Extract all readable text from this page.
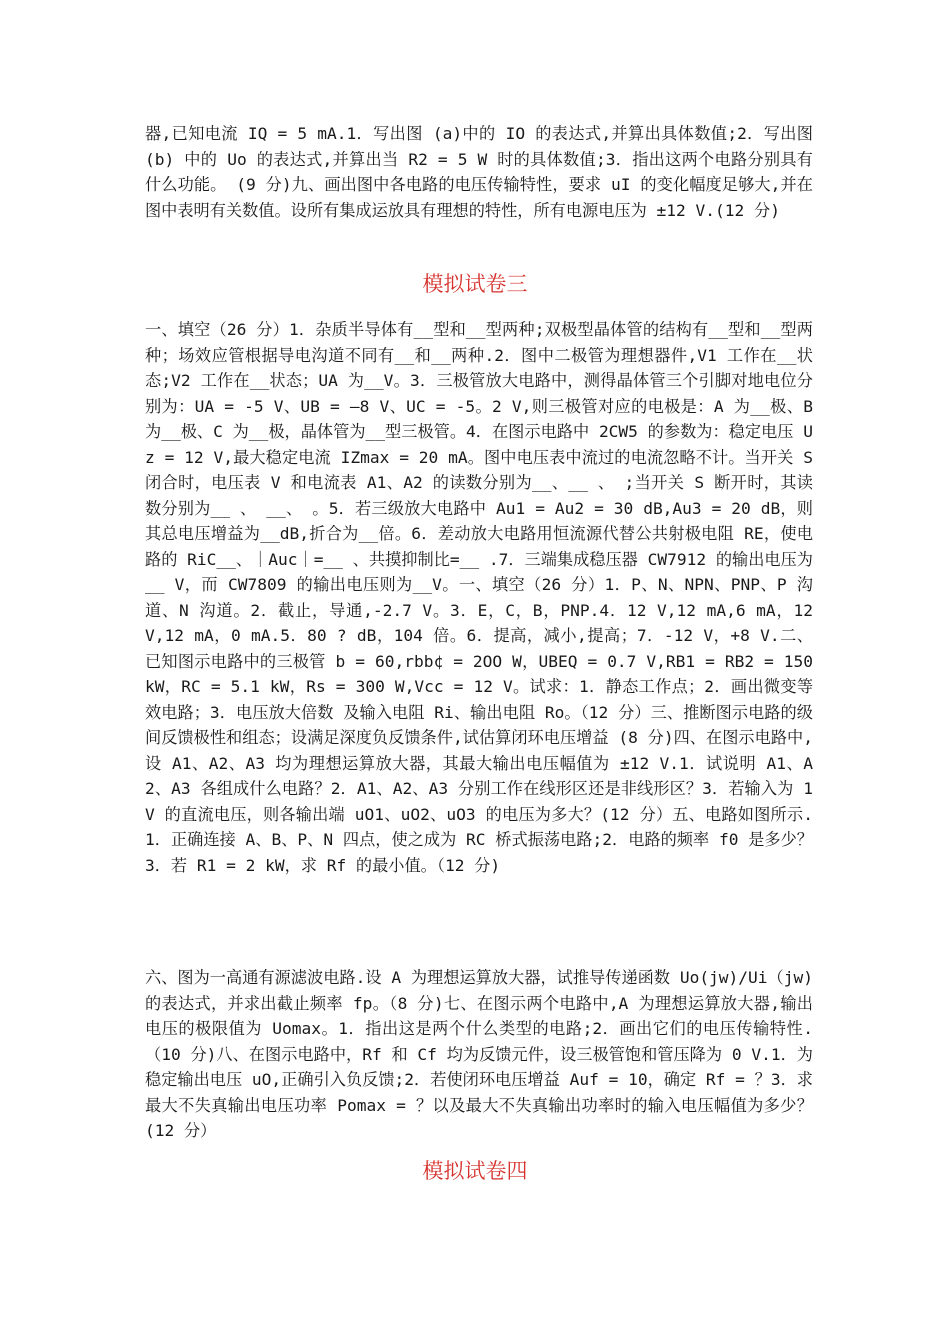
器,已知电流 IQ = 5 mA.1．写出图 (a)中的 IO 的表达式,并算出具体数值;2．写出图(b) 中的 Uo 的表达式,并算出当 R2 = 5 W 时的具体数值;3．指出这两个电路分别具有什么功能。 (9 分)九、画出图中各电路的电压传输特性，要求 uI 的变化幅度足够大,并在图中表明有关数值。设所有集成运放具有理想的特性，所有电源电压为 ±12 V.(12 分)

模拟试卷三

一、填空（26 分）1．杂质半导体有__型和__型两种;双极型晶体管的结构有__型和__型两种；场效应管根据导电沟道不同有__和__两种.2．图中二极管为理想器件,V1 工作在__状态;V2 工作在__状态；UA 为__V。3．三极管放大电路中，测得晶体管三个引脚对地电位分别为：UA = -5 V、UB = —8 V、UC = -5。2 V,则三极管对应的电极是：A 为__极、B 为__极、C 为__极，晶体管为__型三极管。4．在图示电路中 2CW5 的参数为：稳定电压 Uz = 12 V,最大稳定电流 IZmax = 20 mA。图中电压表中流过的电流忽略不计。当开关 S 闭合时，电压表 V 和电流表 A1、A2 的读数分别为__、__ 、 ;当开关 S 断开时，其读数分别为__ 、 __、 。5．若三级放大电路中 Au1 = Au2 = 30 dB,Au3 = 20 dB，则其总电压增益为__dB,折合为__倍。6．差动放大电路用恒流源代替公共射极电阻 RE，使电路的 RiC__、｜Auc｜=__ 、共摸抑制比=__ .7．三端集成稳压器 CW7912 的输出电压为__ V，而 CW7809 的输出电压则为__V。一、填空（26 分）1．P、N、NPN、PNP、P 沟道、N 沟道。2．截止，导通,-2.7 V。3．E，C，B，PNP.4．12 V,12 mA,6 mA，12 V,12 mA，0 mA.5．80 ? dB，104 倍。6．提高，减小,提高；7．-12 V，+8 V.二、已知图示电路中的三极管 b = 60,rbb¢ = 2OO W，UBEQ = 0.7 V,RB1 = RB2 = 150 kW，RC = 5.1 kW，Rs = 300 W,Vcc = 12 V。试求：1．静态工作点；2．画出微变等效电路；3．电压放大倍数 及输入电阻 Ri、输出电阻 Ro。（12 分）三、推断图示电路的级间反馈极性和组态；设满足深度负反馈条件,试估算闭环电压增益 (8 分)四、在图示电路中,设 A1、A2、A3 均为理想运算放大器，其最大输出电压幅值为 ±12 V.1．试说明 A1、A2、A3 各组成什么电路？2．A1、A2、A3 分别工作在线形区还是非线形区？3．若输入为 1 V 的直流电压，则各输出端 uO1、uO2、uO3 的电压为多大？(12 分）五、电路如图所示.1．正确连接 A、B、P、N 四点，使之成为 RC 桥式振荡电路;2．电路的频率 f0 是多少？3．若 R1 = 2 kW，求 Rf 的最小值。（12 分)

六、图为一高通有源滤波电路.设 A 为理想运算放大器，试推导传递函数 Uo(jw)/Ui（jw) 的表达式，并求出截止频率 fp。（8 分)七、在图示两个电路中,A 为理想运算放大器,输出电压的极限值为 Uomax。1．指出这是两个什么类型的电路;2．画出它们的电压传输特性.（10 分)八、在图示电路中，Rf 和 Cf 均为反馈元件，设三极管饱和管压降为 0 V.1．为稳定输出电压 uO,正确引入负反馈;2．若使闭环电压增益 Auf = 10，确定 Rf = ？3．求最大不失真输出电压功率 Pomax = ？以及最大不失真输出功率时的输入电压幅值为多少？(12 分）

模拟试卷四
